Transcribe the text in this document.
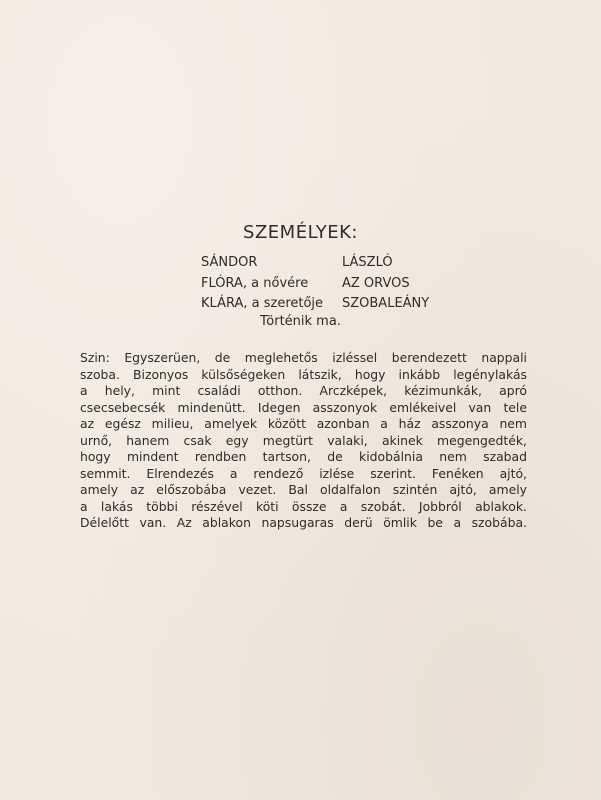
SZEMÉLYEK:
SÁNDOR
FLÓRA, a nővére
KLÁRA, a szeretője
LÁSZLÓ
AZ ORVOS
SZOBALEÁNY
Történik ma.
Szin: Egyszerüen, de meglehetős izléssel berendezett nappali
szoba. Bizonyos külsőségeken látszik, hogy inkább legénylakás
a hely, mint családi otthon. Arczképek, kézimunkák, apró
csecsebecsék mindenütt. Idegen asszonyok emlékeivel van tele
az egész milieu, amelyek között azonban a ház asszonya nem
urnő, hanem csak egy megtürt valaki, akinek megengedték,
hogy mindent rendben tartson, de kidobálnia nem szabad
semmit. Elrendezés a rendező izlése szerint. Fenéken ajtó,
amely az előszobába vezet. Bal oldalfalon szintén ajtó, amely
a lakás többi részével köti össze a szobát. Jobbról ablakok.
Délelőtt van. Az ablakon napsugaras derü ömlik be a szobába.
